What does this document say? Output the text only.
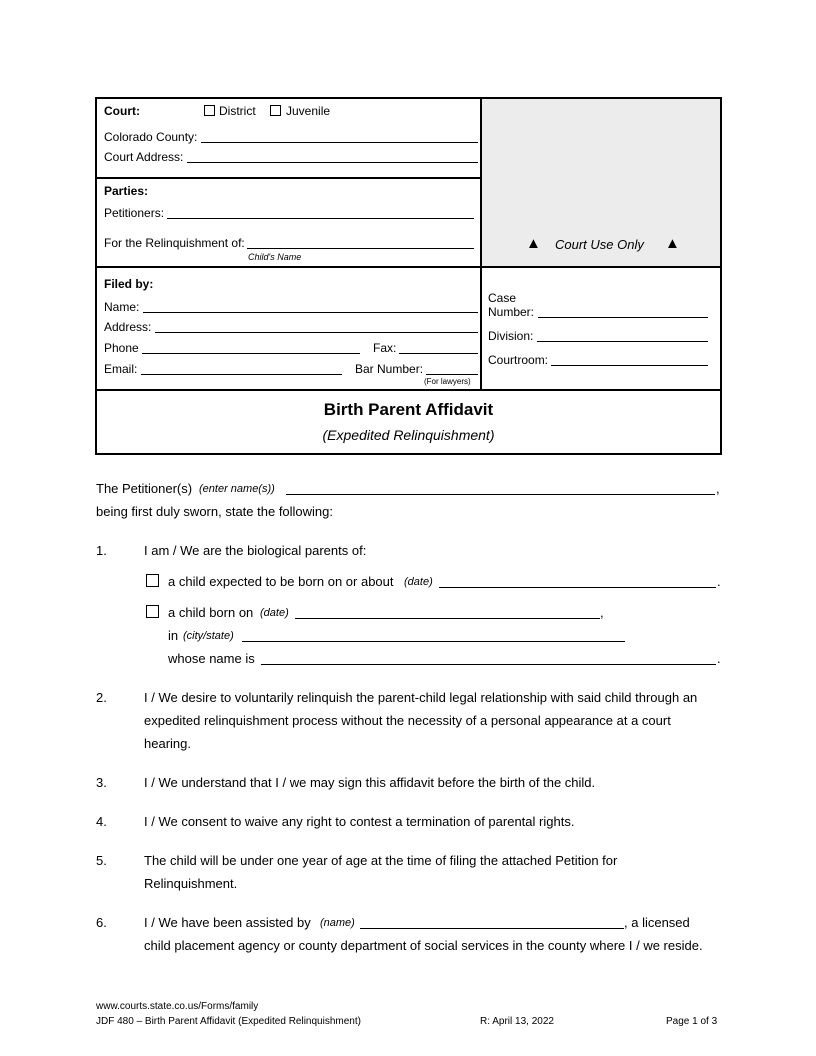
Court:	District	Juvenile
Colorado County:
Court Address:
Parties:
Petitioners:
For the Relinquishment of:
Child's Name
▲ Court Use Only ▲
Filed by:
Name:
Address:
Phone	Fax:
Email:	Bar Number:
(For lawyers)
Case
Number:
Division:
Courtroom:
Birth Parent Affidavit
(Expedited Relinquishment)
The Petitioner(s) (enter name(s))	,
being first duly sworn, state the following:
1.	I am / We are the biological parents of:
a child expected to be born on or about (date)	.
a child born on (date)	,
in (city/state)
whose name is	.
2.	I / We desire to voluntarily relinquish the parent-child legal relationship with said child through an
expedited relinquishment process without the necessity of a personal appearance at a court
hearing.
3.	I / We understand that I / we may sign this affidavit before the birth of the child.
4.	I / We consent to waive any right to contest a termination of parental rights.
5.	The child will be under one year of age at the time of filing the attached Petition for
Relinquishment.
6.	I / We have been assisted by (name)	, a licensed
child placement agency or county department of social services in the county where I / we reside.
www.courts.state.co.us/Forms/family
JDF 480 – Birth Parent Affidavit (Expedited Relinquishment)	R: April 13, 2022	Page 1 of 3
